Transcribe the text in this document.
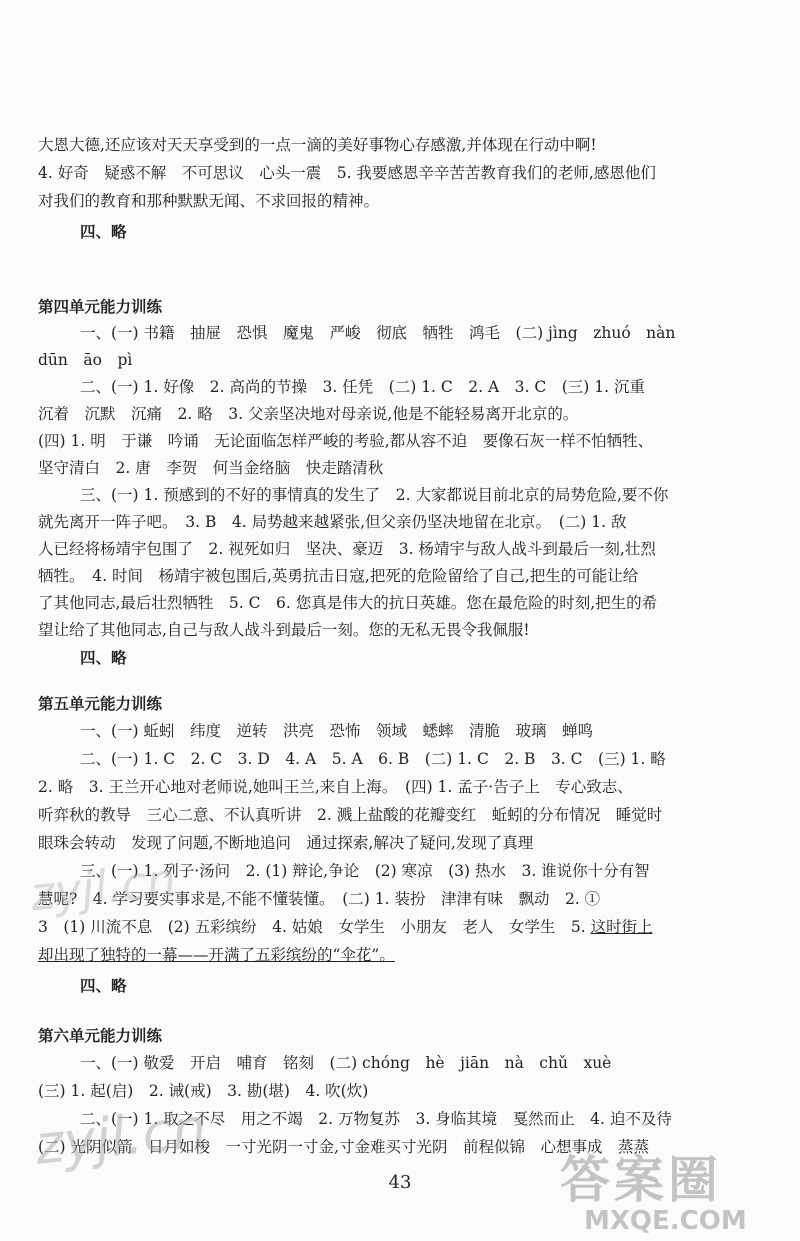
大恩大德,还应该对天天享受到的一点一滴的美好事物心存感激,并体现在行动中啊!
4. 好奇　疑惑不解　不可思议　心头一震　5. 我要感恩辛辛苦苦教育我们的老师,感恩他们
对我们的教育和那种默默无闻、不求回报的精神。
四、略
第四单元能力训练
一、(一) 书籍　抽屉　恐惧　魔鬼　严峻　彻底　牺牲　鸿毛　(二) jìng　zhuó　nàn
dūn　āo　pì
二、(一) 1. 好像　2. 高尚的节操　3. 任凭　(二) 1. C　2. A　3. C　(三) 1. 沉重
沉着　沉默　沉痛　2. 略　3. 父亲坚决地对母亲说,他是不能轻易离开北京的。
(四) 1. 明　于谦　吟诵　无论面临怎样严峻的考验,都从容不迫　要像石灰一样不怕牺牲、
坚守清白　2. 唐　李贺　何当金络脑　快走踏清秋
三、(一) 1. 预感到的不好的事情真的发生了　2. 大家都说目前北京的局势危险,要不你
就先离开一阵子吧。　3. B　4. 局势越来越紧张,但父亲仍坚决地留在北京。　(二) 1. 敌
人已经将杨靖宇包围了　2. 视死如归　坚决、豪迈　3. 杨靖宇与敌人战斗到最后一刻,壮烈
牺牲。　4. 时间　杨靖宇被包围后,英勇抗击日寇,把死的危险留给了自己,把生的可能让给
了其他同志,最后壮烈牺牲　5. C　6. 您真是伟大的抗日英雄。您在最危险的时刻,把生的希
望让给了其他同志,自己与敌人战斗到最后一刻。您的无私无畏令我佩服!
四、略
第五单元能力训练
一、(一) 蚯蚓　纬度　逆转　洪亮　恐怖　领域　蟋蟀　清脆　玻璃　蝉鸣
二、(一) 1. C　2. C　3. D　4. A　5. A　6. B　(二) 1. C　2. B　3. C　(三) 1. 略
2. 略　3. 王兰开心地对老师说,她叫王兰,来自上海。　(四) 1. 孟子·告子上　专心致志、
听弈秋的教导　三心二意、不认真听讲　2. 溅上盐酸的花瓣变红　蚯蚓的分布情况　睡觉时
眼珠会转动　发现了问题,不断地追问　通过探索,解决了疑问,发现了真理
三、(一) 1. 列子·汤问　2. (1) 辩论,争论　(2) 寒凉　(3) 热水　3. 谁说你十分有智
慧呢?　4. 学习要实事求是,不能不懂装懂。　(二) 1. 装扮　津津有味　飘动　2. ①
3　(1) 川流不息　(2) 五彩缤纷　4. 姑娘　女学生　小朋友　老人　女学生　5. 这时街上
却出现了独特的一幕——开满了五彩缤纷的“伞花”。
四、略
第六单元能力训练
一、(一) 敬爱　开启　哺育　铭刻　(二) chóng　hè　jiān　nà　chǔ　xuè
(三) 1. 起(启)　2. 诫(戒)　3. 勘(堪)　4. 吹(炊)
二、(一) 1. 取之不尽　用之不竭　2. 万物复苏　3. 身临其境　戛然而止　4. 迫不及待
(二) 光阴似箭　日月如梭　一寸光阴一寸金,寸金难买寸光阴　前程似锦　心想事成　蒸蒸
43
zyjl.cn
zyjl.cn
答案圈
MXQE.COM
